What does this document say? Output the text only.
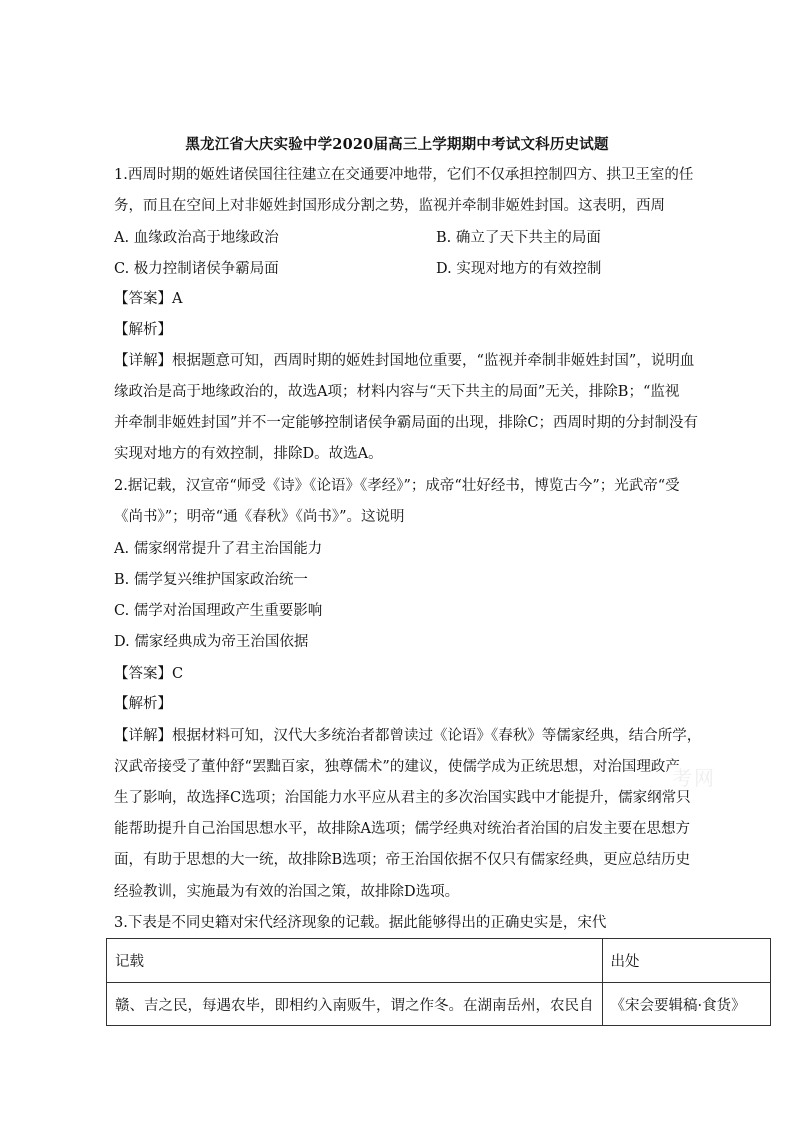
黑龙江省大庆实验中学2020届高三上学期期中考试文科历史试题
1.西周时期的姬姓诸侯国往往建立在交通要冲地带，它们不仅承担控制四方、拱卫王室的任
务，而且在空间上对非姬姓封国形成分割之势，监视并牵制非姬姓封国。这表明，西周
A. 血缘政治高于地缘政治	B. 确立了天下共主的局面
C. 极力控制诸侯争霸局面	D. 实现对地方的有效控制
【答案】A
【解析】
【详解】根据题意可知，西周时期的姬姓封国地位重要，“监视并牵制非姬姓封国”，说明血
缘政治是高于地缘政治的，故选A项；材料内容与“天下共主的局面”无关，排除B；“监视
并牵制非姬姓封国”并不一定能够控制诸侯争霸局面的出现，排除C；西周时期的分封制没有
实现对地方的有效控制，排除D。故选A。
2.据记载，汉宣帝“师受《诗》《论语》《孝经》”；成帝“壮好经书，博览古今”；光武帝“受
《尚书》”；明帝“通《春秋》《尚书》”。这说明
A. 儒家纲常提升了君主治国能力
B. 儒学复兴维护国家政治统一
C. 儒学对治国理政产生重要影响
D. 儒家经典成为帝王治国依据
【答案】C
【解析】
【详解】根据材料可知，汉代大多统治者都曾读过《论语》《春秋》等儒家经典，结合所学，
汉武帝接受了董仲舒“罢黜百家，独尊儒术”的建议，使儒学成为正统思想，对治国理政产
生了影响，故选择C选项；治国能力水平应从君主的多次治国实践中才能提升，儒家纲常只
能帮助提升自己治国思想水平，故排除A选项；儒学经典对统治者治国的启发主要在思想方
面，有助于思想的大一统，故排除B选项；帝王治国依据不仅只有儒家经典，更应总结历史
经验教训，实施最为有效的治国之策，故排除D选项。
考网
3.下表是不同史籍对宋代经济现象的记载。据此能够得出的正确史实是，宋代
记载	出处
赣、吉之民，每遇农毕，即相约入南贩牛，谓之作冬。在湖南岳州，农民自	《宋会要辑稿·食货》
